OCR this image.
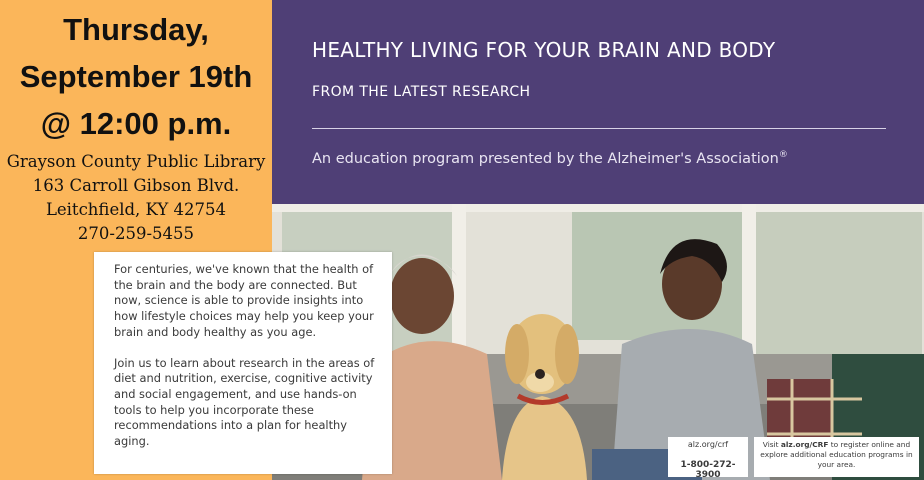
Thursday,
September 19th
@ 12:00 p.m.
Grayson County Public Library
163 Carroll Gibson Blvd.
Leitchfield, KY 42754
270-259-5455
HEALTHY LIVING FOR YOUR BRAIN AND BODY
FROM THE LATEST RESEARCH
An education program presented by the Alzheimer's Association®

For centuries, we've known that the health of the brain and the body are connected. But now, science is able to provide insights into how lifestyle choices may help you keep your brain and body healthy as you age.

Join us to learn about research in the areas of diet and nutrition, exercise, cognitive activity and social engagement, and use hands-on tools to help you incorporate these recommendations into a plan for healthy aging.	alz.org/crf
1-800-272-3900
Visit alz.org/CRF to register online and explore additional education programs in your area.
